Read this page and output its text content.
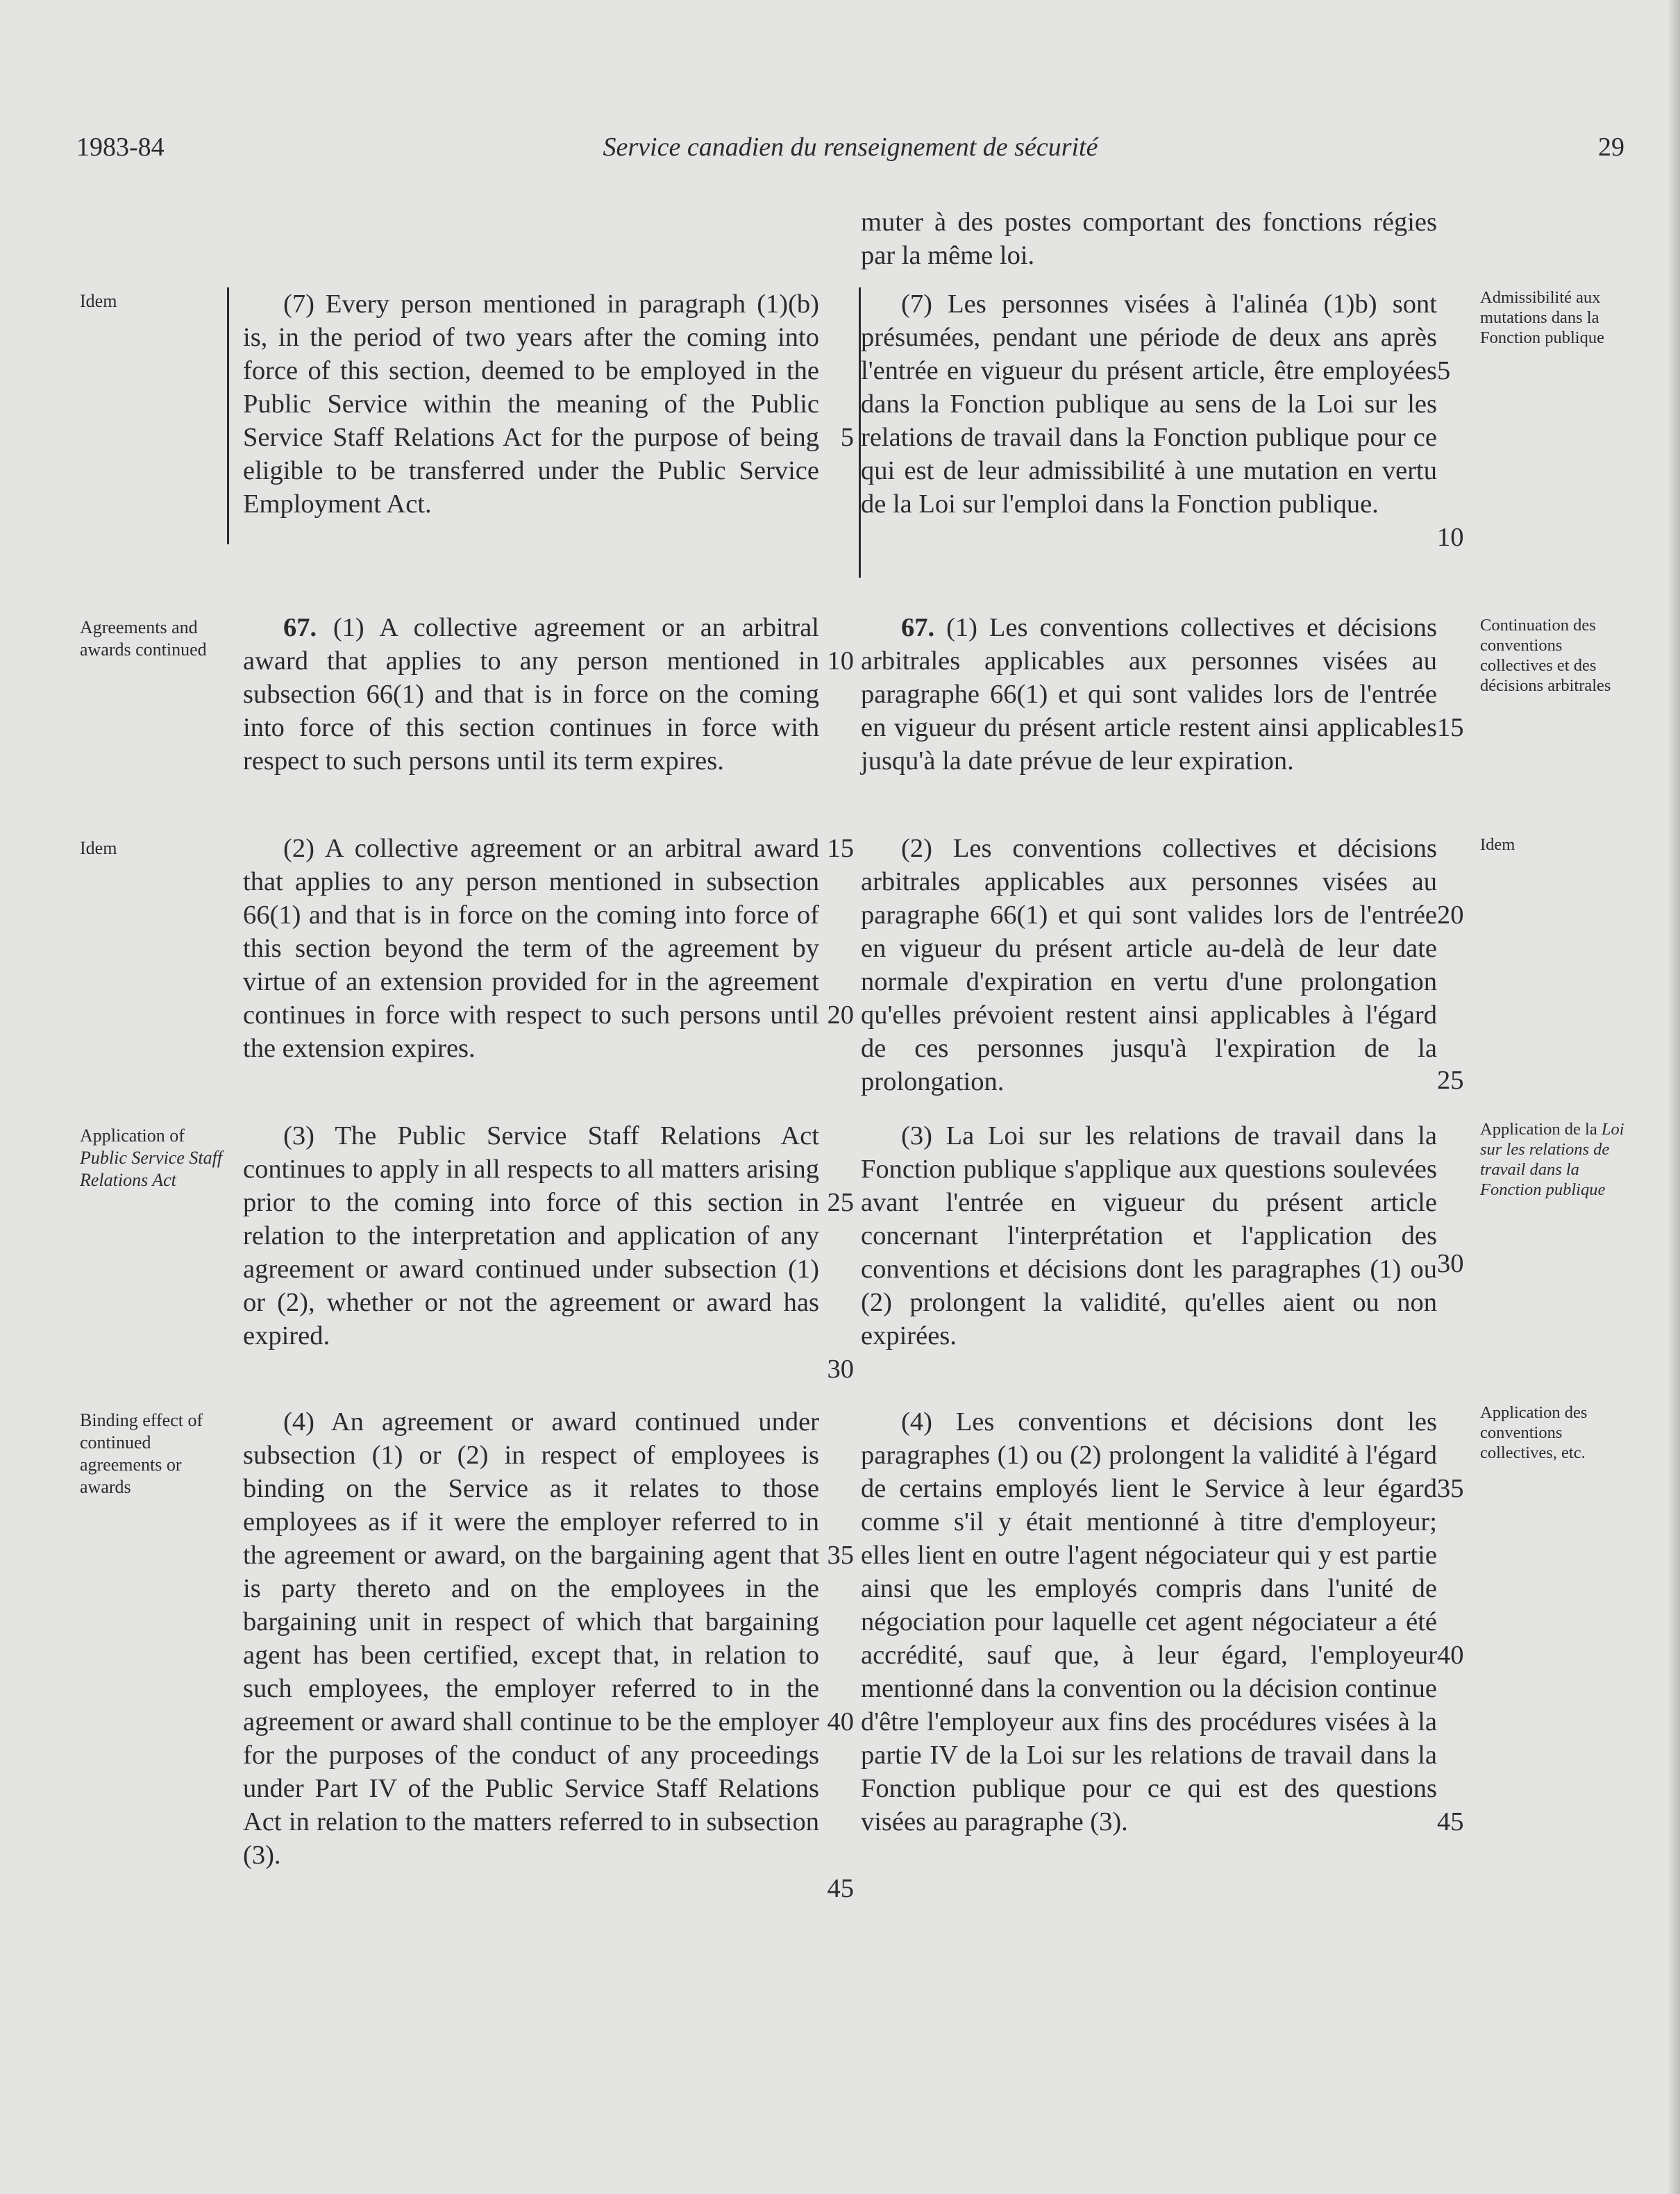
1983-84	Service canadien du renseignement de sécurité	29

muter à des postes comportant des fonctions régies par la même loi.

Idem	Admissibilité aux mutations dans la Fonction publique

(7) Every person mentioned in paragraph (1)(b) is, in the period of two years after the coming into force of this section, deemed to be employed in the Public Service within the meaning of the Public Service Staff Relations Act for the purpose of being eligible to be transferred under the Public Service Employment Act.

(7) Les personnes visées à l'alinéa (1)b) sont présumées, pendant une période de deux ans après l'entrée en vigueur du présent article, être employées dans la Fonction publique au sens de la Loi sur les relations de travail dans la Fonction publique pour ce qui est de leur admissibilité à une mutation en vertu de la Loi sur l'emploi dans la Fonction publique.

Agreements and awards continued
Continuation des conventions collectives et des décisions arbitrales

67. (1) A collective agreement or an arbitral award that applies to any person mentioned in subsection 66(1) and that is in force on the coming into force of this section continues in force with respect to such persons until its term expires.

67. (1) Les conventions collectives et décisions arbitrales applicables aux personnes visées au paragraphe 66(1) et qui sont valides lors de l'entrée en vigueur du présent article restent ainsi applicables jusqu'à la date prévue de leur expiration.

Idem	Idem

(2) A collective agreement or an arbitral award that applies to any person mentioned in subsection 66(1) and that is in force on the coming into force of this section beyond the term of the agreement by virtue of an extension provided for in the agreement continues in force with respect to such persons until the extension expires.

(2) Les conventions collectives et décisions arbitrales applicables aux personnes visées au paragraphe 66(1) et qui sont valides lors de l'entrée en vigueur du présent article au-delà de leur date normale d'expiration en vertu d'une prolongation qu'elles prévoient restent ainsi applicables à l'égard de ces personnes jusqu'à l'expiration de la prolongation.

Application of
Public Service Staff Relations Act
Application de la Loi sur les relations de travail dans la Fonction publique

(3) The Public Service Staff Relations Act continues to apply in all respects to all matters arising prior to the coming into force of this section in relation to the interpretation and application of any agreement or award continued under subsection (1) or (2), whether or not the agreement or award has expired.

(3) La Loi sur les relations de travail dans la Fonction publique s'applique aux questions soulevées avant l'entrée en vigueur du présent article concernant l'interprétation et l'application des conventions et décisions dont les paragraphes (1) ou (2) prolongent la validité, qu'elles aient ou non expirées.

Binding effect of continued agreements or awards
Application des conventions collectives, etc.

(4) An agreement or award continued under subsection (1) or (2) in respect of employees is binding on the Service as it relates to those employees as if it were the employer referred to in the agreement or award, on the bargaining agent that is party thereto and on the employees in the bargaining unit in respect of which that bargaining agent has been certified, except that, in relation to such employees, the employer referred to in the agreement or award shall continue to be the employer for the purposes of the conduct of any proceedings under Part IV of the Public Service Staff Relations Act in relation to the matters referred to in subsection (3).

(4) Les conventions et décisions dont les paragraphes (1) ou (2) prolongent la validité à l'égard de certains employés lient le Service à leur égard comme s'il y était mentionné à titre d'employeur; elles lient en outre l'agent négociateur qui y est partie ainsi que les employés compris dans l'unité de négociation pour laquelle cet agent négociateur a été accrédité, sauf que, à leur égard, l'employeur mentionné dans la convention ou la décision continue d'être l'employeur aux fins des procédures visées à la partie IV de la Loi sur les relations de travail dans la Fonction publique pour ce qui est des questions visées au paragraphe (3).

5
10
15
20
25
30
35
40
45
5
10
15
20
25
30
35
40
45
